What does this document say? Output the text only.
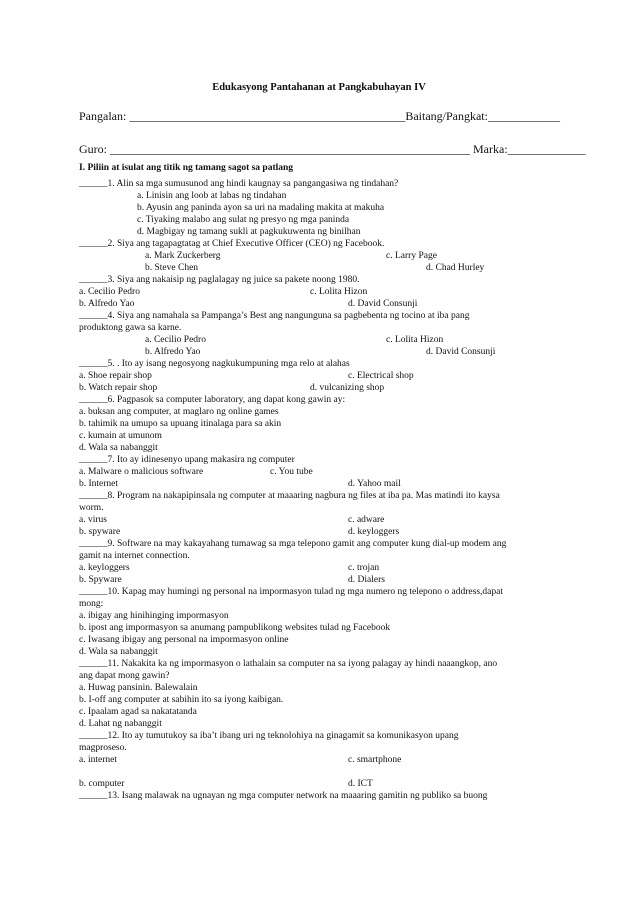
Edukasyong Pantahanan at Pangkabuhayan IV
Pangalan: ______________________________________________Baitang/Pangkat:____________
Guro: ____________________________________________________________ Marka:_____________
I. Piliin at isulat ang titik ng tamang sagot sa patlang
______1. Alin sa mga sumusunod ang hindi kaugnay sa pangangasiwa ng tindahan?
a. Linisin ang loob at labas ng tindahan
b. Ayusin ang paninda ayon sa uri na madaling makita at makuha
c. Tiyaking malabo ang sulat ng presyo ng mga paninda
d. Magbigay ng tamang sukli at pagkukuwenta ng binilhan
______2. Siya ang tagapagtatag at Chief Executive Officer (CEO) ng Facebook.
a. Mark Zuckerberg	c. Larry Page
b. Steve Chen	d. Chad Hurley
______3. Siya ang nakaisip ng paglalagay ng juice sa pakete noong 1980.
a. Cecilio Pedro	c. Lolita Hizon
b. Alfredo Yao	d. David Consunji
______4. Siya ang namahala sa Pampanga’s Best ang nangunguna sa pagbebenta ng tocino at iba pang
produktong gawa sa karne.
a. Cecilio Pedro	c. Lolita Hizon
b. Alfredo Yao	d. David Consunji
______5. . Ito ay isang negosyong nagkukumpuning mga relo at alahas
a. Shoe repair shop	c. Electrical shop
b. Watch repair shop	d. vulcanizing shop
______6. Pagpasok sa computer laboratory, ang dapat kong gawin ay:
a. buksan ang computer, at maglaro ng online games
b. tahimik na umupo sa upuang itinalaga para sa akin
c. kumain at umunom
d. Wala sa nabanggit
______7. Ito ay idinesenyo upang makasira ng computer
a. Malware o malicious software	c. You tube
b. Internet	d. Yahoo mail
______8. Program na nakapipinsala ng computer at maaaring nagbura ng files at iba pa. Mas matindi ito kaysa
worm.
a. virus	c. adware
b. spyware	d. keyloggers
______9. Software na may kakayahang tumawag sa mga telepono gamit ang computer kung dial-up modem ang
gamit na internet connection.
a. keyloggers	c. trojan
b. Spyware	d. Dialers
______10. Kapag may humingi ng personal na impormasyon tulad ng mga numero ng telepono o address,dapat
mong:
a. ibigay ang hinihinging impormasyon
b. ipost ang impormasyon sa anumang pampublikong websites tulad ng Facebook
c. Iwasang ibigay ang personal na impormasyon online
d. Wala sa nabanggit
______11. Nakakita ka ng impormasyon o lathalain sa computer na sa iyong palagay ay hindi naaangkop, ano
ang dapat mong gawin?
a. Huwag pansinin. Balewalain
b. I-off ang computer at sabihin ito sa iyong kaibigan.
c. Ipaalam agad sa nakatatanda
d. Lahat ng nabanggit
______12. Ito ay tumutukoy sa iba’t ibang uri ng teknolohiya na ginagamit sa komunikasyon upang
magproseso.
a. internet	c. smartphone
b. computer	d. ICT
______13. Isang malawak na ugnayan ng mga computer network na maaaring gamitin ng publiko sa buong
